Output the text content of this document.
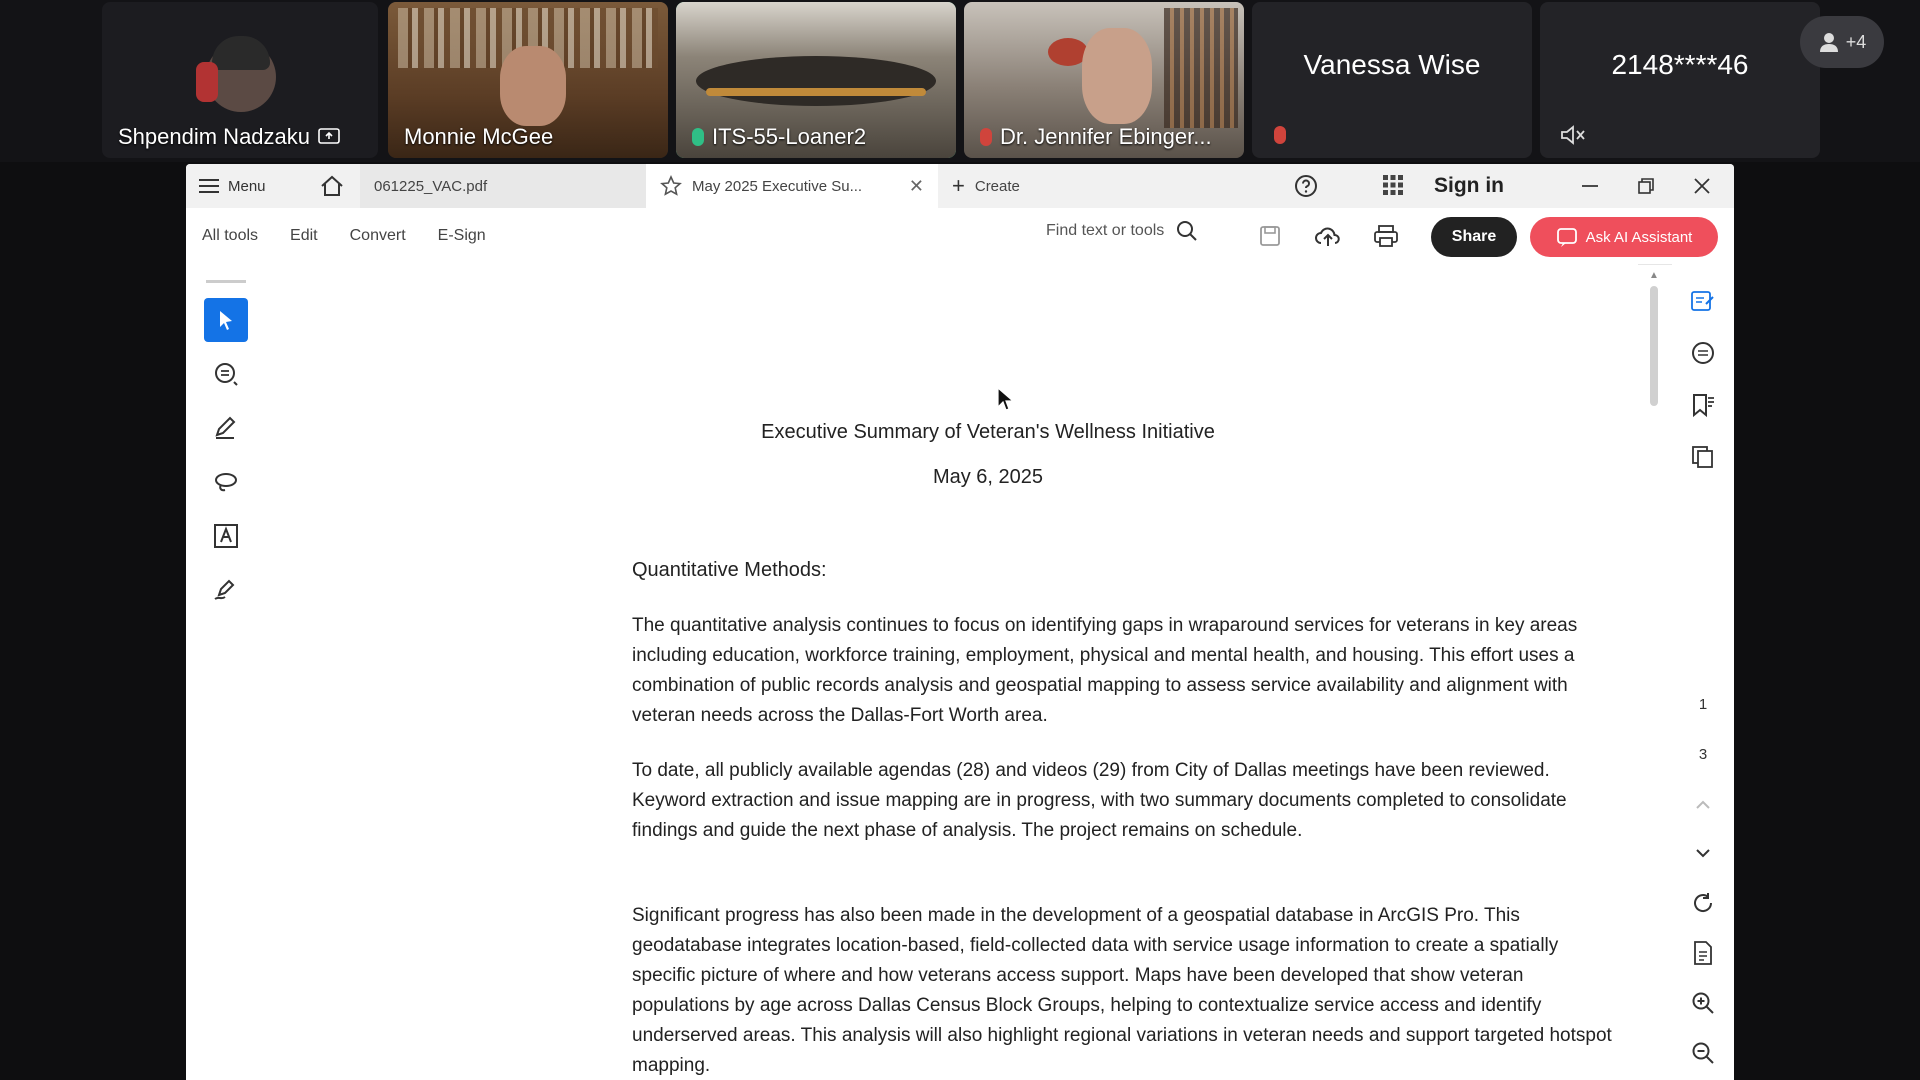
Shpendim Nadzaku	Monnie McGee	ITS-55-Loaner2	Dr. Jennifer Ebinger...
Vanessa Wise	2148****46
+4
Menu	061225_VAC.pdf	May 2025 Executive Su...	✕ + Create	Sign in
All tools Edit Convert E-Sign	Find text or tools	Share	Ask AI Assistant
Executive Summary of Veteran's Wellness Initiative
May 6, 2025
Quantitative Methods:
The quantitative analysis continues to focus on identifying gaps in wraparound services for veterans in key areas including education, workforce training, employment, physical and mental health, and housing. This effort uses a combination of public records analysis and geospatial mapping to assess service availability and alignment with veteran needs across the Dallas-Fort Worth area.
To date, all publicly available agendas (28) and videos (29) from City of Dallas meetings have been reviewed. Keyword extraction and issue mapping are in progress, with two summary documents completed to consolidate findings and guide the next phase of analysis. The project remains on schedule.
Significant progress has also been made in the development of a geospatial database in ArcGIS Pro. This geodatabase integrates location-based, field-collected data with service usage information to create a spatially specific picture of where and how veterans access support. Maps have been developed that show veteran populations by age across Dallas Census Block Groups, helping to contextualize service access and identify underserved areas. This analysis will also highlight regional variations in veteran needs and support targeted hotspot mapping.
▲
1
3
